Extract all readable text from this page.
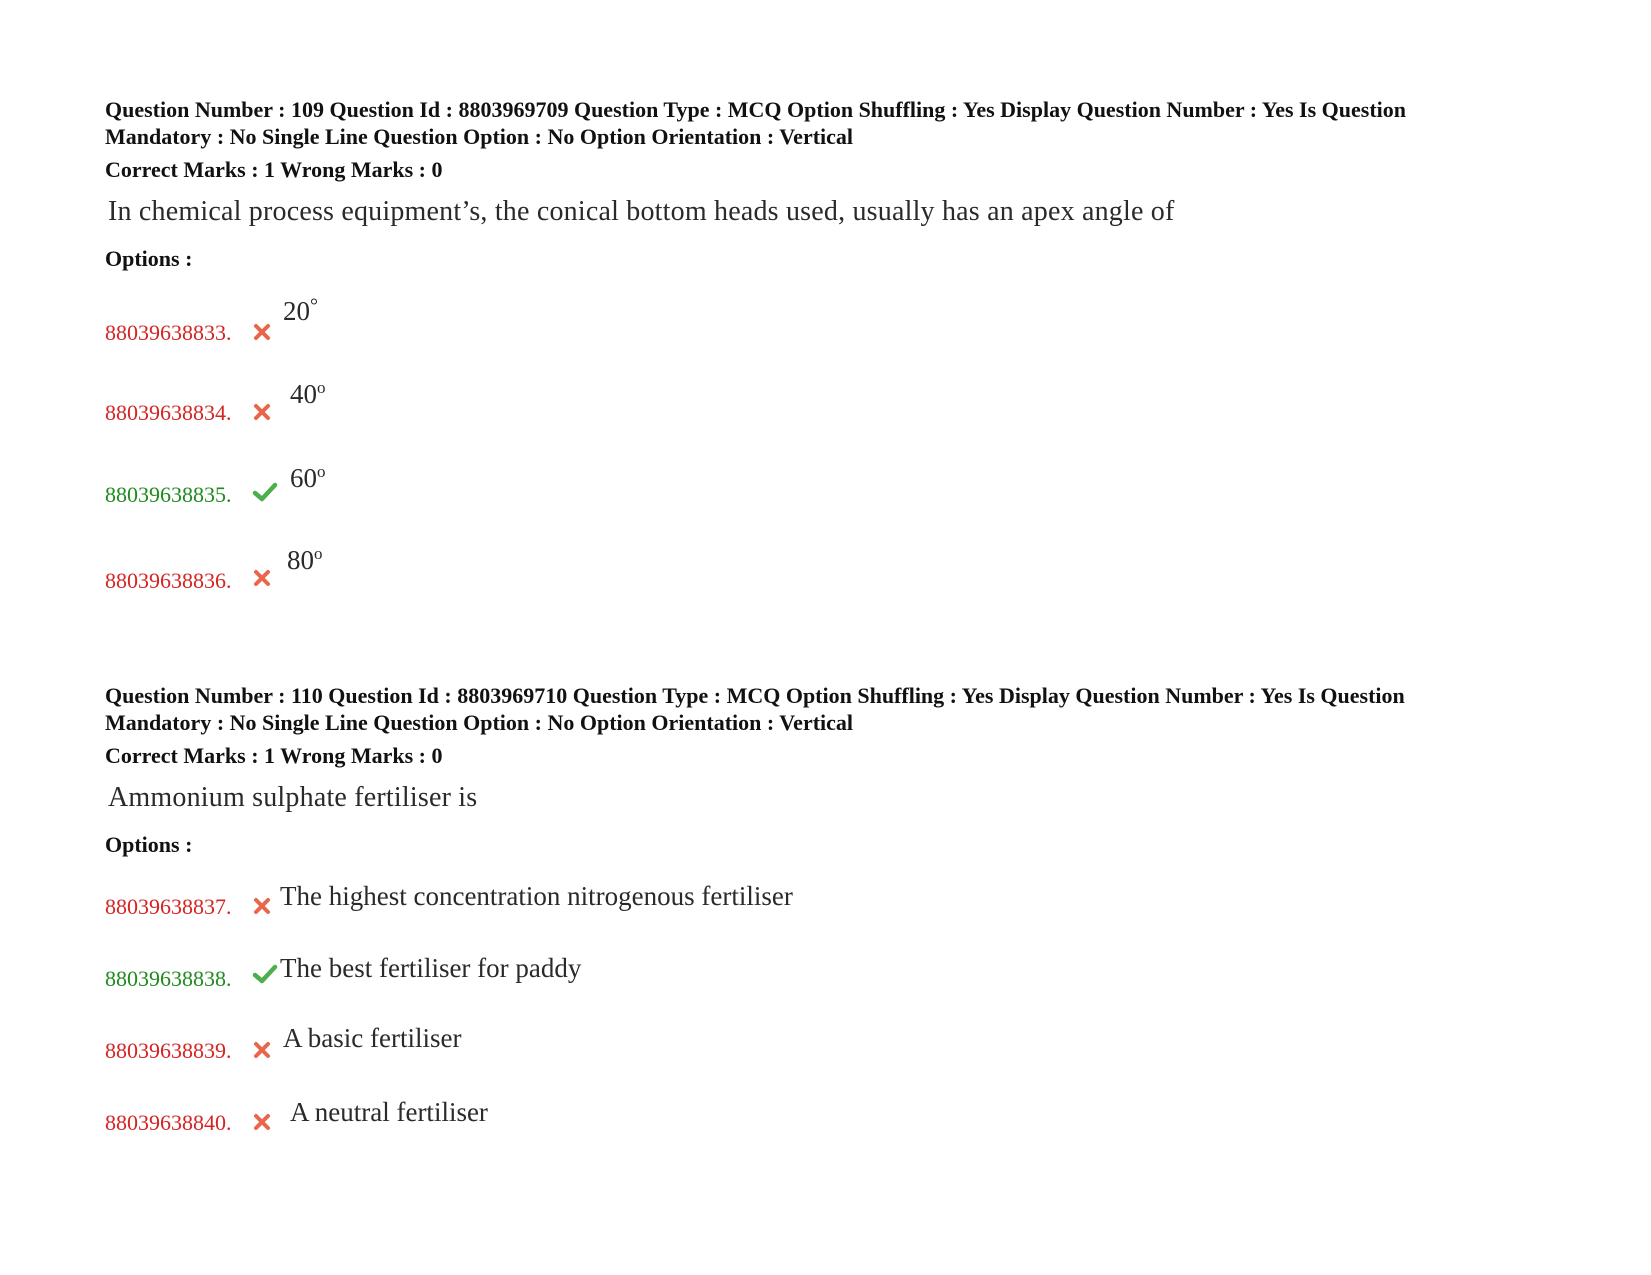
Question Number : 109 Question Id : 8803969709 Question Type : MCQ Option Shuffling : Yes Display Question Number : Yes Is Question
Mandatory : No Single Line Question Option : No Option Orientation : Vertical
Correct Marks : 1 Wrong Marks : 0
In chemical process equipment’s, the conical bottom heads used, usually has an apex angle of
Options :
88039638833.
20°
88039638834.
40$^o$
88039638835.
60$^o$
88039638836.
80$^o$
Question Number : 110 Question Id : 8803969710 Question Type : MCQ Option Shuffling : Yes Display Question Number : Yes Is Question
Mandatory : No Single Line Question Option : No Option Orientation : Vertical
Correct Marks : 1 Wrong Marks : 0
Ammonium sulphate fertiliser is
Options :
88039638837. The highest concentration nitrogenous fertiliser
88039638838. The best fertiliser for paddy
88039638839. A basic fertiliser
88039638840. A neutral fertiliser
